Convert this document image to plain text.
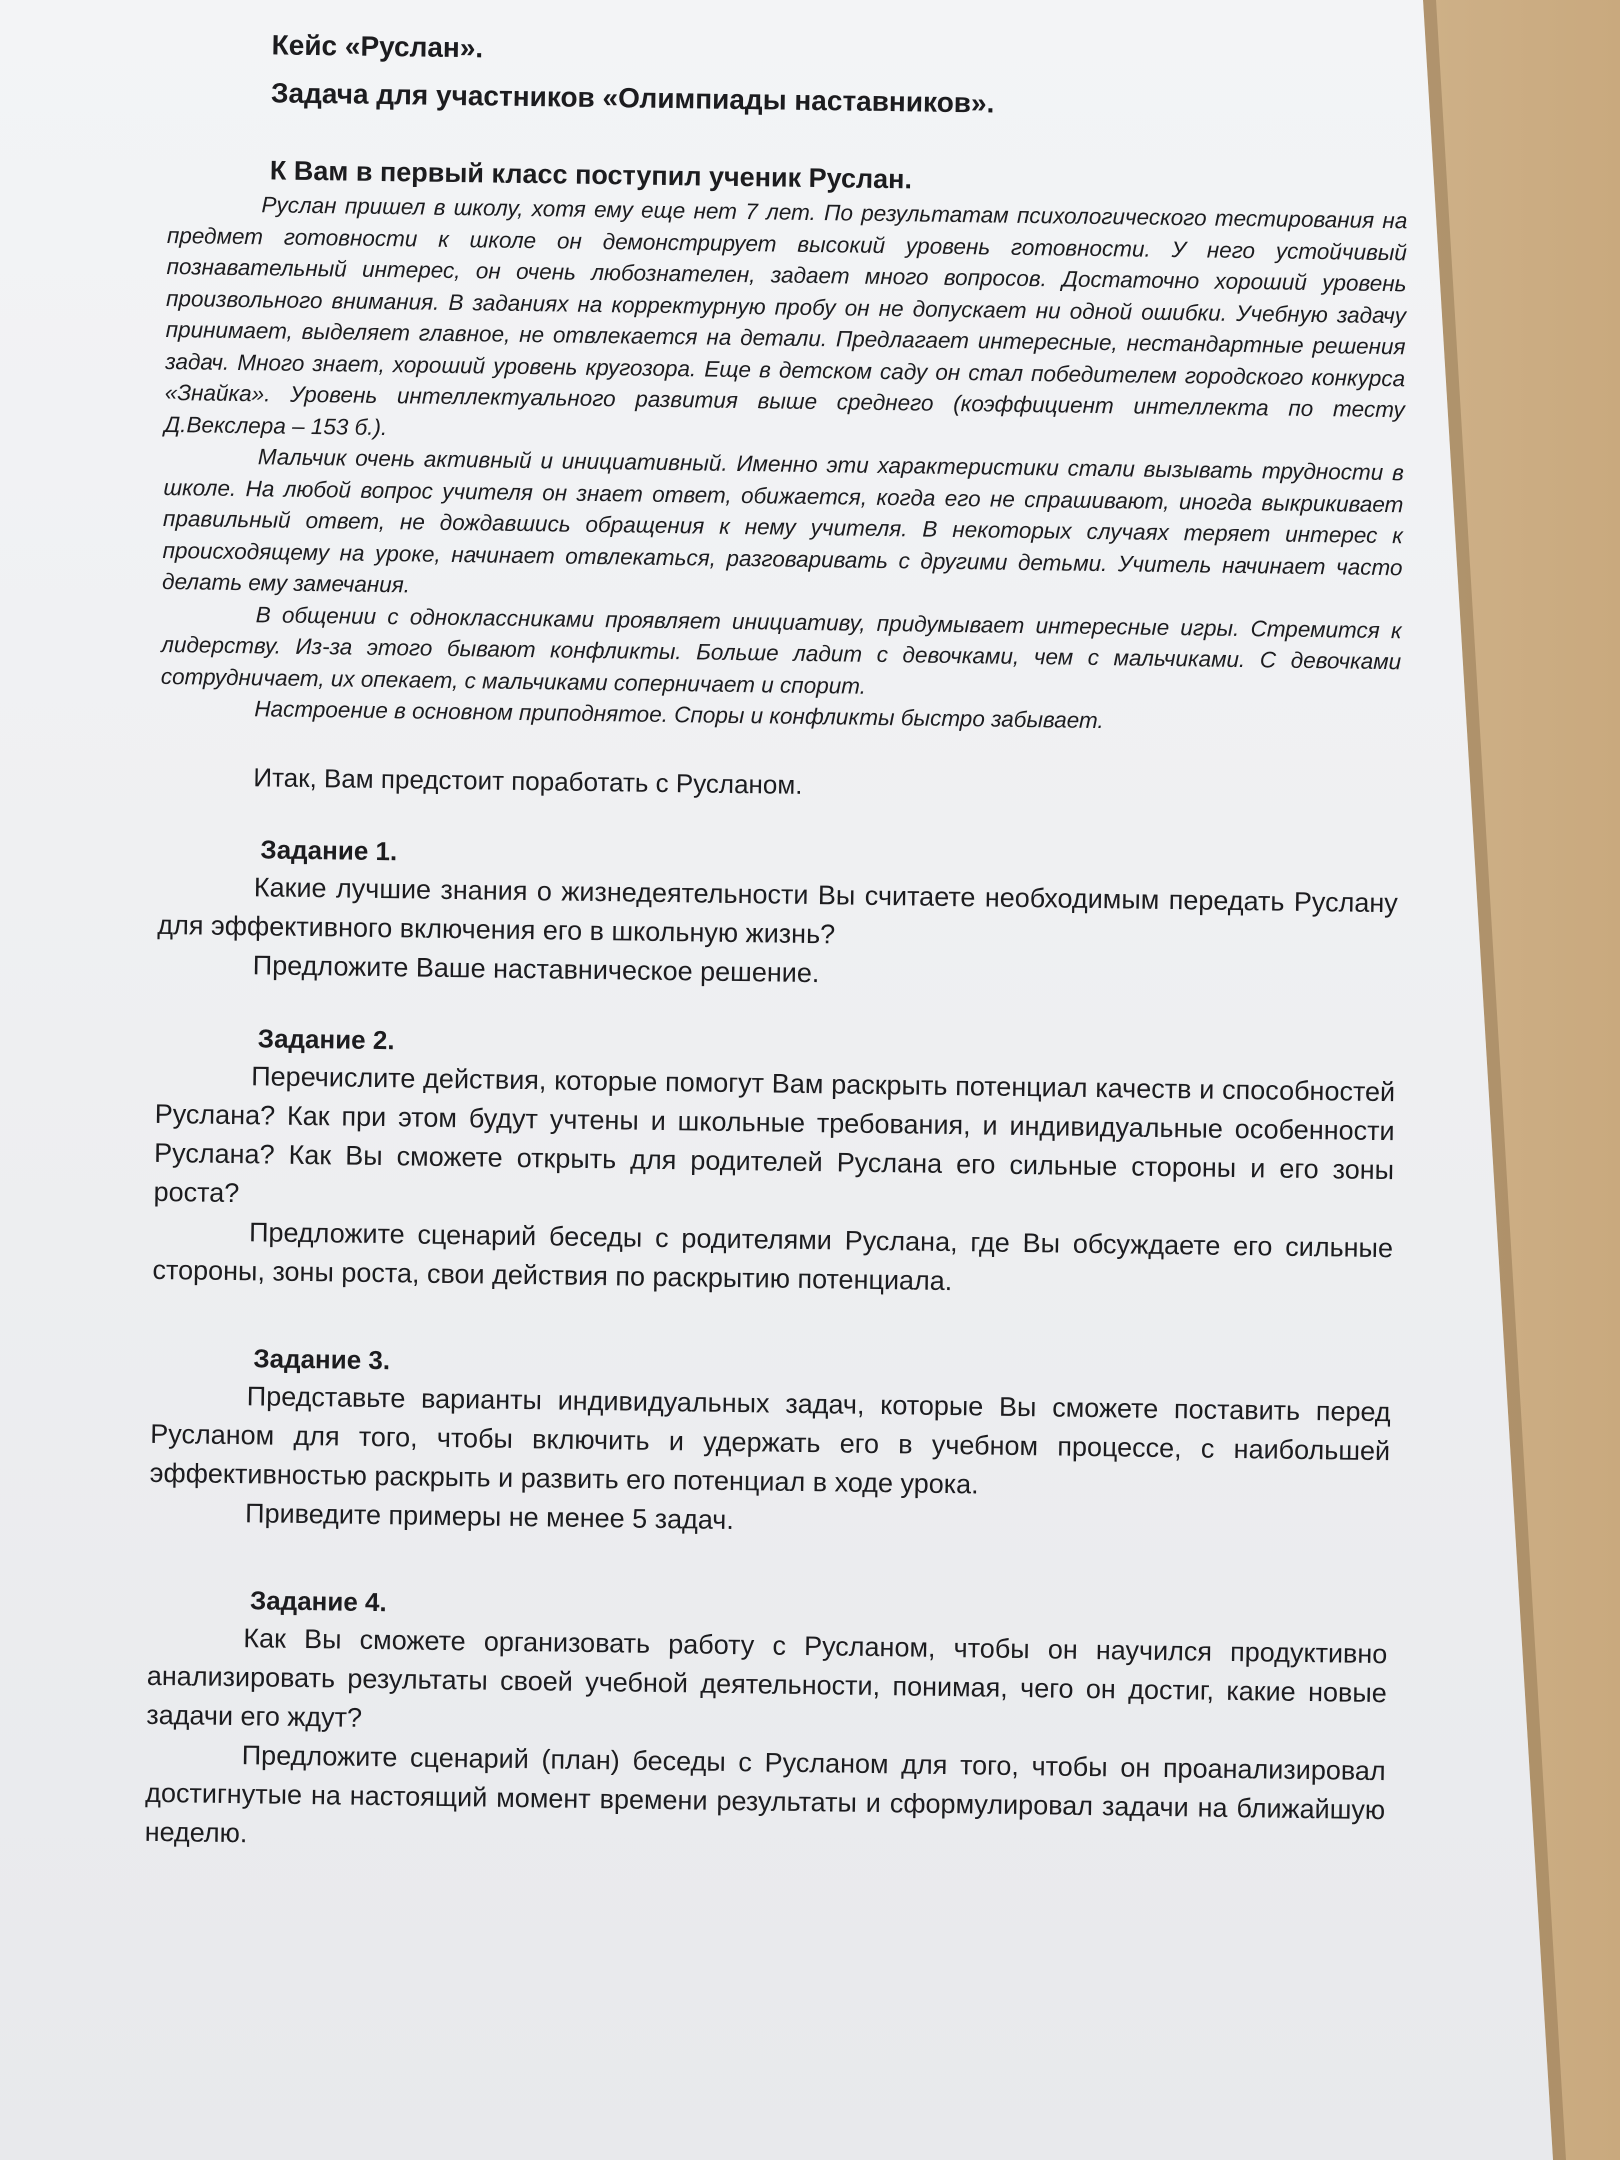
Кейс «Руслан».
Задача для участников «Олимпиады наставников».
К Вам в первый класс поступил ученик Руслан.

Руслан пришел в школу, хотя ему еще нет 7 лет. По результатам психологического тестирования на предмет готовности к школе он демонстрирует высокий уровень готовности. У него устойчивый познавательный интерес, он очень любознателен, задает много вопросов. Достаточно хороший уровень произвольного внимания. В заданиях на корректурную пробу он не допускает ни одной ошибки. Учебную задачу принимает, выделяет главное, не отвлекается на детали. Предлагает интересные, нестандартные решения задач. Много знает, хороший уровень кругозора. Еще в детском саду он стал победителем городского конкурса «Знайка». Уровень интеллектуального развития выше среднего (коэффициент интеллекта по тесту Д.Векслера – 153 б.).

Мальчик очень активный и инициативный. Именно эти характеристики стали вызывать трудности в школе. На любой вопрос учителя он знает ответ, обижается, когда его не спрашивают, иногда выкрикивает правильный ответ, не дождавшись обращения к нему учителя. В некоторых случаях теряет интерес к происходящему на уроке, начинает отвлекаться, разговаривать с другими детьми. Учитель начинает часто делать ему замечания.

В общении с одноклассниками проявляет инициативу, придумывает интересные игры. Стремится к лидерству. Из-за этого бывают конфликты. Больше ладит с девочками, чем с мальчиками. С девочками сотрудничает, их опекает, с мальчиками соперничает и спорит.

Настроение в основном приподнятое. Споры и конфликты быстро забывает.

Итак, Вам предстоит поработать с Русланом.

Задание 1.

Какие лучшие знания о жизнедеятельности Вы считаете необходимым передать Руслану для эффективного включения его в школьную жизнь?

Предложите Ваше наставническое решение.

Задание 2.

Перечислите действия, которые помогут Вам раскрыть потенциал качеств и способностей Руслана? Как при этом будут учтены и школьные требования, и индивидуальные особенности Руслана? Как Вы сможете открыть для родителей Руслана его сильные стороны и его зоны роста?

Предложите сценарий беседы с родителями Руслана, где Вы обсуждаете его сильные стороны, зоны роста, свои действия по раскрытию потенциала.

Задание 3.

Представьте варианты индивидуальных задач, которые Вы сможете поставить перед Русланом для того, чтобы включить и удержать его в учебном процессе, с наибольшей эффективностью раскрыть и развить его потенциал в ходе урока.

Приведите примеры не менее 5 задач.

Задание 4.

Как Вы сможете организовать работу с Русланом, чтобы он научился продуктивно анализировать результаты своей учебной деятельности, понимая, чего он достиг, какие новые задачи его ждут?

Предложите сценарий (план) беседы с Русланом для того, чтобы он проанализировал достигнутые на настоящий момент времени результаты и сформулировал задачи на ближайшую неделю.
